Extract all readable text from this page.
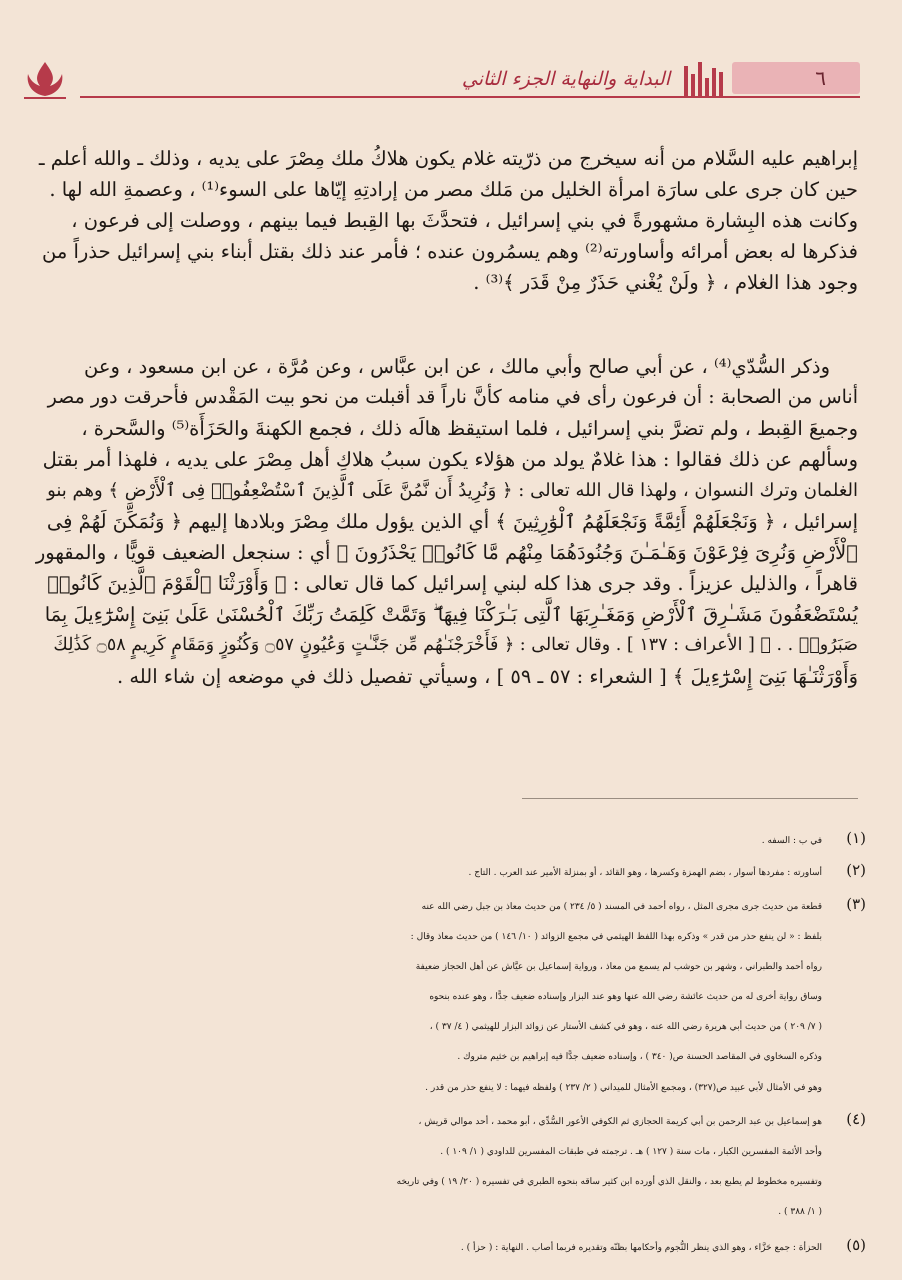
٦
البداية والنهاية الجزء الثاني

إبراهيم عليه السَّلام من أنه سيخرج من ذرّيته غلام يكون هلاكُ ملك مِصْرَ على يديه ، وذلك ـ والله أعلم ـ

حين كان جرى على سارَة امرأة الخليل من مَلك مصر من إرادتِهِ إيّاها على السوء⁽¹⁾ ، وعصمةِ الله لها .

وكانت هذه البِشارة مشهورةً في بني إسرائيل ، فتحدَّثَ بها القِبط فيما بينهم ، ووصلت إلى فرعون ،

فذكرها له بعض أمرائه وأساورته⁽²⁾ وهم يسمُرون عنده ؛ فأمر عند ذلك بقتل أبناء بني إسرائيل حذراً من

وجود هذا الغلام ، ﴿ ولَنْ يُغْني حَذَرٌ مِنْ قَدَر ﴾⁽³⁾ .

وذكر السُّدّي⁽⁴⁾ ، عن أبي صالح وأبي مالك ، عن ابن عبَّاس ، وعن مُرَّة ، عن ابن مسعود ، وعن

أناس من الصحابة : أن فرعون رأى في منامه كأنَّ ناراً قد أقبلت من نحو بيت المَقْدس فأحرقت دور مصر

وجميعَ القِبط ، ولم تضرَّ بني إسرائيل ، فلما استيقظ هالَه ذلك ، فجمع الكهنةَ والحَزَأَة⁽⁵⁾ والسَّحرة ،

وسألهم عن ذلك فقالوا : هذا غلامٌ يولد من هؤلاء يكون سببُ هلاكِ أهل مِصْرَ على يديه ، فلهذا أمر بقتل

الغلمان وترك النسوان ، ولهذا قال الله تعالى : ﴿ وَنُرِيدُ أَن نَّمُنَّ عَلَى ٱلَّذِينَ ٱسْتُضْعِفُوا۟ فِى ٱلْأَرْضِ ﴾ وهم بنو

إسرائيل ، ﴿ وَنَجْعَلَهُمْ أَئِمَّةً وَنَجْعَلَهُمُ ٱلْوَٰرِثِينَ ﴾ أي الذين يؤول ملك مِصْرَ وبلادها إليهم ﴿ وَنُمَكِّنَ لَهُمْ فِى

ٱلْأَرْضِ وَنُرِىَ فِرْعَوْنَ وَهَـٰمَـٰنَ وَجُنُودَهُمَا مِنْهُم مَّا كَانُوا۟ يَحْذَرُونَ ﴾ أي : سنجعل الضعيف قويًّا ، والمقهور

قاهراً ، والذليل عزيزاً . وقد جرى هذا كله لبني إسرائيل كما قال تعالى : ﴿ وَأَوْرَثْنَا ٱلْقَوْمَ ٱلَّذِينَ كَانُوا۟

يُسْتَضْعَفُونَ مَشَـٰرِقَ ٱلْأَرْضِ وَمَغَـٰرِبَهَا ٱلَّتِى بَـٰرَكْنَا فِيهَا ۖ وَتَمَّتْ كَلِمَتُ رَبِّكَ ٱلْحُسْنَىٰ عَلَىٰ بَنِىٓ إِسْرَٰٓءِيلَ بِمَا

صَبَرُوا۟ . . ﴾ [ الأعراف : ١٣٧ ] . وقال تعالى : ﴿ فَأَخْرَجْنَـٰهُم مِّن جَنَّـٰتٍ وَعُيُونٍ ۝٥٧ وَكُنُوزٍ وَمَقَامٍ كَرِيمٍ ۝٥٨ كَذَٰلِكَ

وَأَوْرَثْنَـٰهَا بَنِىٓ إِسْرَٰٓءِيلَ ﴾ [ الشعراء : ٥٧ ـ ٥٩ ] ، وسيأتي تفصيل ذلك في موضعه إن شاء الله .

(١)
في ب : السفه .
(٢)
أساورته : مفردها أسوار ، بضم الهمزة وكسرها ، وهو القائد ، أو بمنزلة الأمير عند العرب . التاج .
(٣)
قطعة من حديث جرى مجرى المثل ، رواه أحمد في المسند ( ٥/ ٢٣٤ ) من حديث معاذ بن جبل رضي الله عنه
بلفظ : « لن ينفع حذر من قدر » وذكره بهذا اللفظ الهيثمي في مجمع الزوائد ( ١٠/ ١٤٦ ) من حديث معاذ وقال :
رواه أحمد والطبراني ، وشهر بن حوشب لم يسمع من معاذ ، ورواية إسماعيل بن عيَّاش عن أهل الحجاز ضعيفة
وساق رواية أخرى له من حديث عائشة رضي الله عنها وهو عند البزار وإسناده ضعيف جدًّا ، وهو عنده بنحوه
( ٧/ ٢٠٩ ) من حديث أبي هريرة رضي الله عنه ، وهو في كشف الأستار عن زوائد البزار للهيثمي ( ٤/ ٣٧ ) ،
وذكره السخاوي في المقاصد الحسنة ص( ٣٤٠ ) ، وإسناده ضعيف جدًّا فيه إبراهيم بن خثيم متروك .
وهو في الأمثال لأبي عبيد ص(٣٢٧) ، ومجمع الأمثال للميداني ( ٢/ ٢٣٧ ) ولفظه فيهما : لا ينفع حذر من قدر .
(٤)
هو إسماعيل بن عبد الرحمن بن أبي كريمة الحجازي ثم الكوفي الأعور السُّدِّي ، أبو محمد ، أحد موالي قريش ،
وأحد الأئمة المفسرين الكبار ، مات سنة ( ١٢٧ ) هـ . ترجمته في طبقات المفسرين للداودي ( ١/ ١٠٩ ) .
وتفسيره مخطوط لم يطبع بعد ، والنقل الذي أورده ابن كثير ساقه بنحوه الطبري في تفسيره ( ٢٠/ ١٩ ) وفي تاريخه
( ١/ ٣٨٨ ) .
(٥)
الحزأة : جمع حَزَّاء ، وهو الذي ينظر النُّجوم وأحكامها بظنّه وتقديره فربما أصاب . النهاية : ( حزأ ) .
